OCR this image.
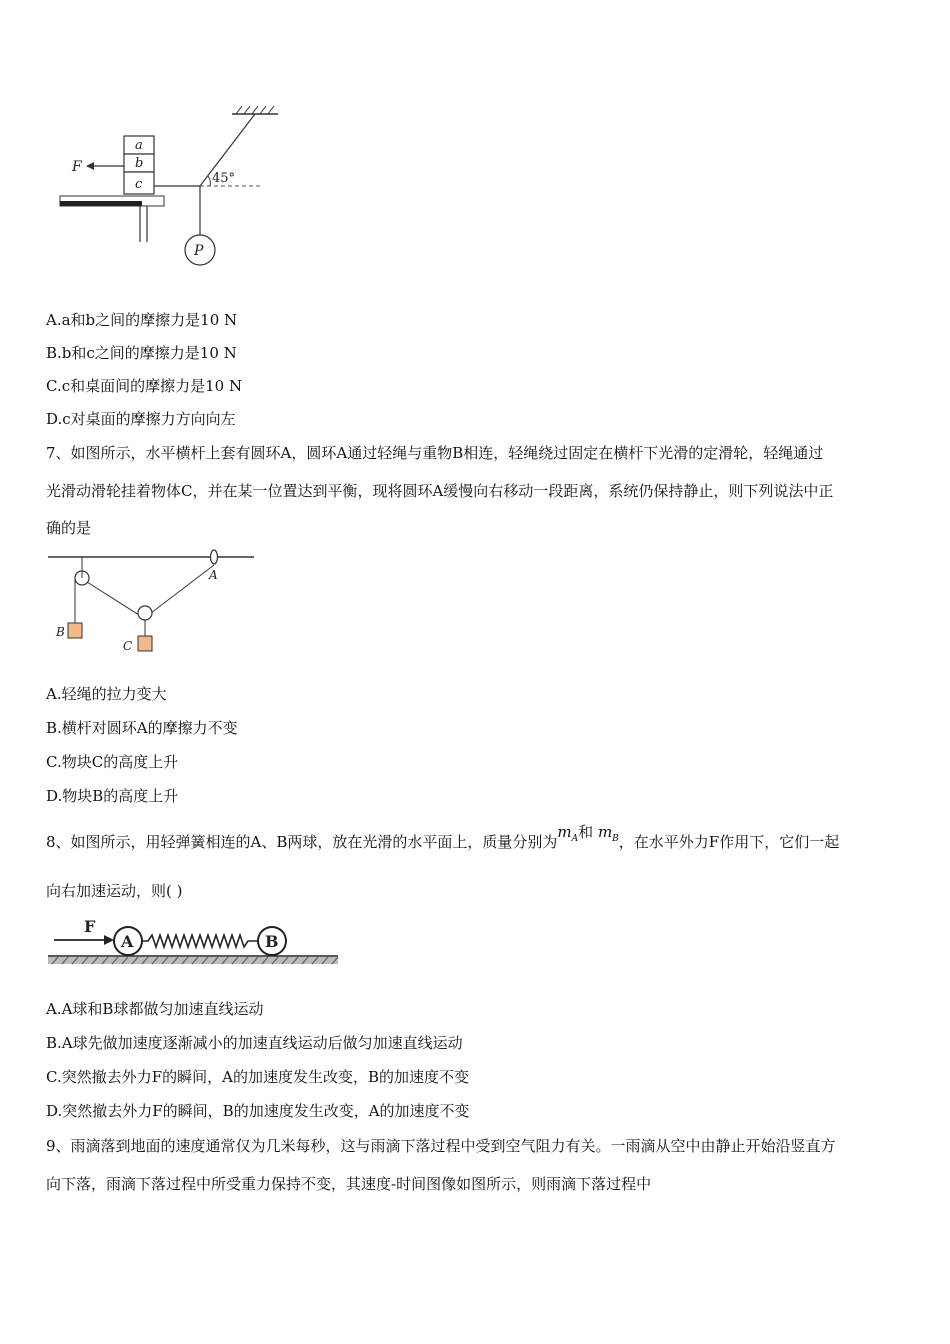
45°
P
a
b
c
F
A.a和b之间的摩擦力是10 N
B.b和c之间的摩擦力是10 N
C.c和桌面间的摩擦力是10 N
D.c对桌面的摩擦力方向向左
7、如图所示，水平横杆上套有圆环A，圆环A通过轻绳与重物B相连，轻绳绕过固定在横杆下光滑的定滑轮，轻绳通过
光滑动滑轮挂着物体C，并在某一位置达到平衡，现将圆环A缓慢向右移动一段距离，系统仍保持静止，则下列说法中正
确的是
B
C
A
A.轻绳的拉力变大
B.横杆对圆环A的摩擦力不变
C.物块C的高度上升
D.物块B的高度上升
8、如图所示，用轻弹簧相连的A、B两球，放在光滑的水平面上，质量分别为$m_A$和 $m_B$，在水平外力F作用下，它们一起
向右加速运动，则( )
F
A	B
A.A球和B球都做匀加速直线运动
B.A球先做加速度逐渐减小的加速直线运动后做匀加速直线运动
C.突然撤去外力F的瞬间，A的加速度发生改变，B的加速度不变
D.突然撤去外力F的瞬间，B的加速度发生改变，A的加速度不变
9、雨滴落到地面的速度通常仅为几米每秒，这与雨滴下落过程中受到空气阻力有关。一雨滴从空中由静止开始沿竖直方
向下落，雨滴下落过程中所受重力保持不变，其速度-时间图像如图所示，则雨滴下落过程中
